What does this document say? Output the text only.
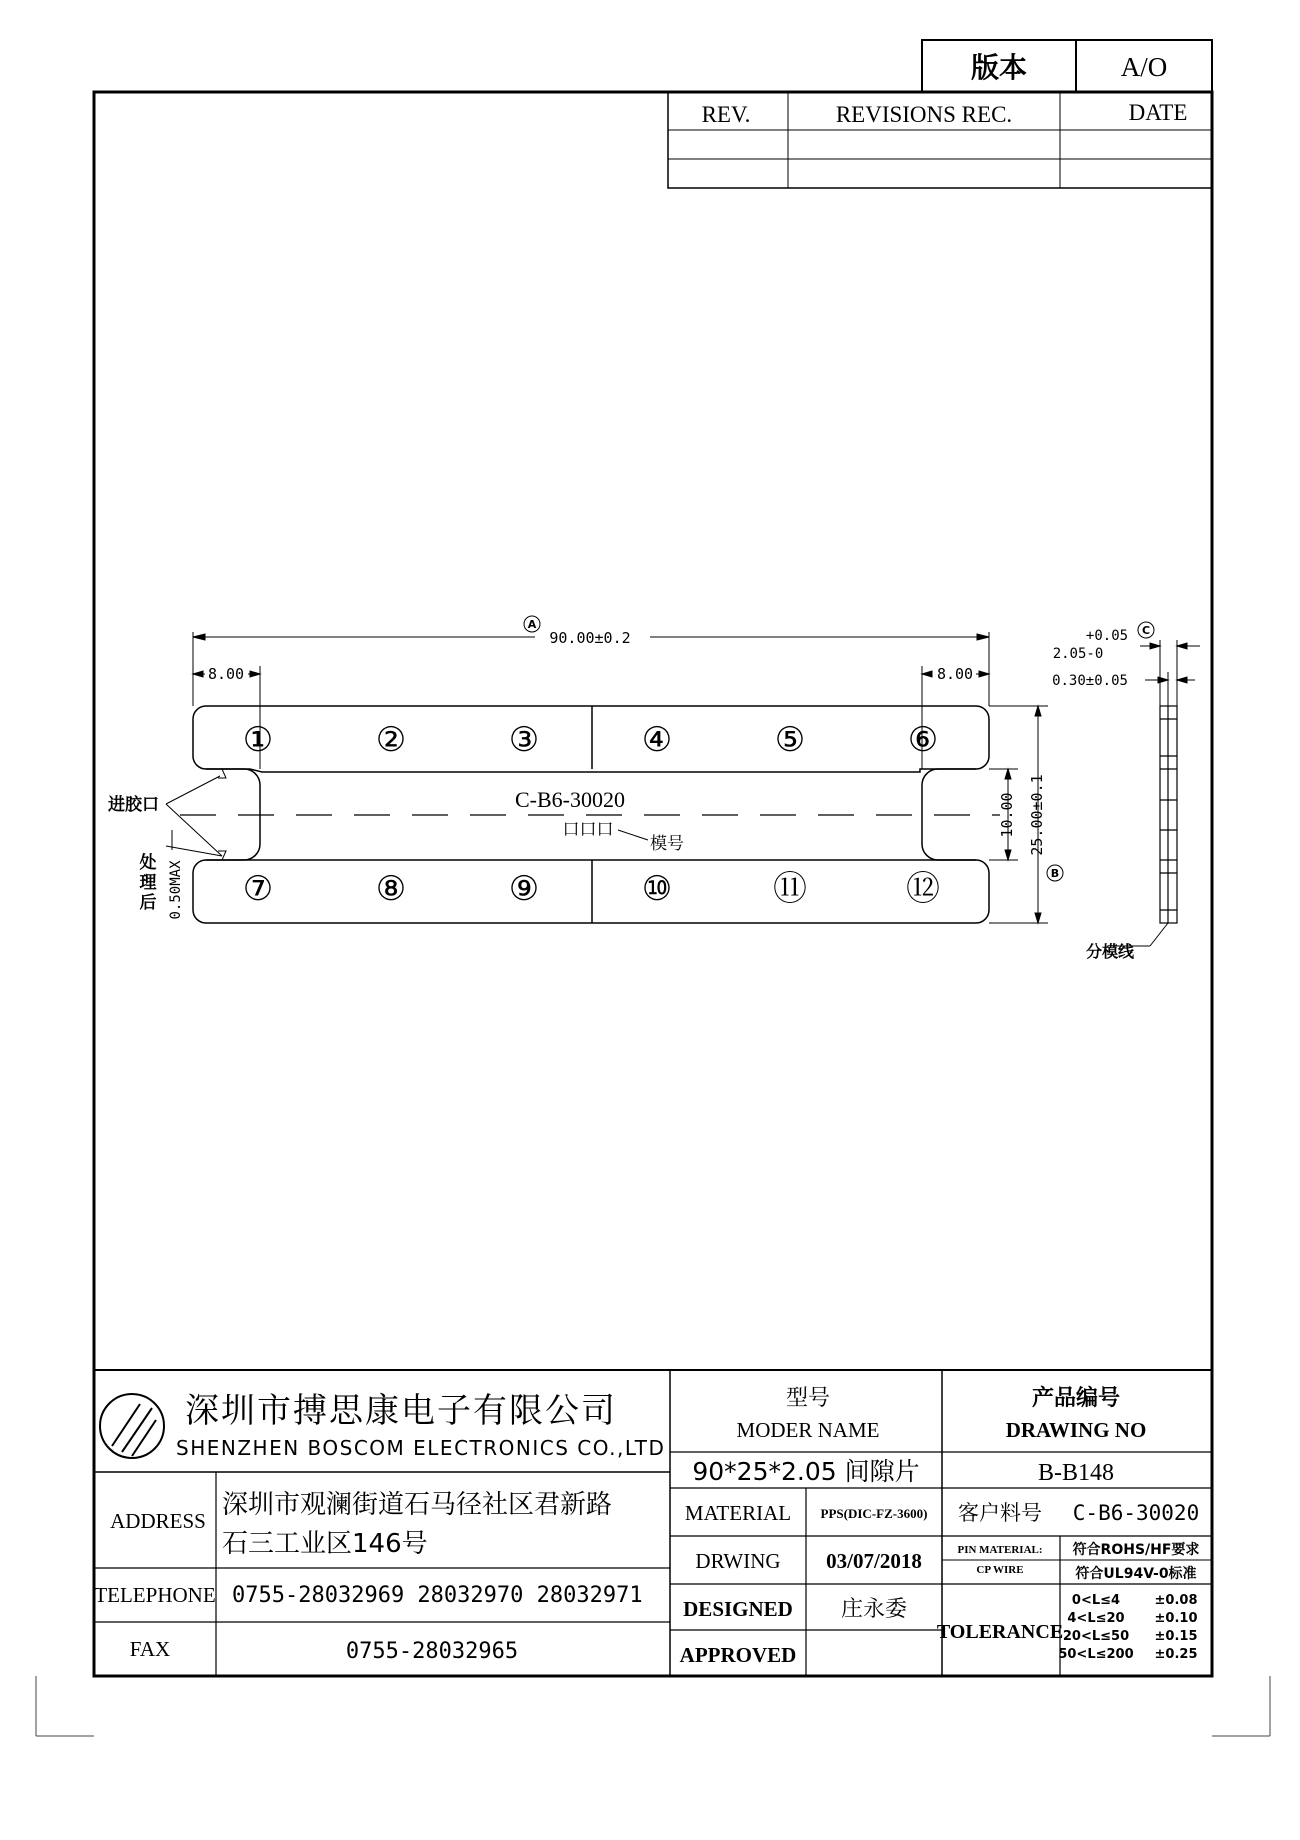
版本	A/O
REV.	REVISIONS REC.	DATE
①	②	③	④	⑤	⑥
⑦	⑧	⑨	⑩	⑪	⑫
C-B6-30020
口口口
模号
90.00±0.2
A
8.00	8.00
10.00 25.00±0.1
B
进胶口
处理后 0.50MAX
+0.05
2.05-0
0.30±0.05
C
分模线
深圳市搏思康电子有限公司
SHENZHEN BOSCOM ELECTRONICS CO.,LTD
型号
MODER NAME
产品编号
DRAWING NO
90*25*2.05 间隙片	B-B148
ADDRESS
深圳市观澜街道石马径社区君新路
石三工业区146号
TELEPHONE 0755-28032969 28032970 28032971
FAX	0755-28032965
MATERIAL PPS(DIC-FZ-3600) 客户料号 C-B6-30020
DRWING 03/07/2018	PIN MATERIAL:
CP WIRE
符合ROHS/HF要求
符合UL94V-0标准
DESIGNED 庄永委
APPROVED
TOLERANCE
0<L≤4	±0.08
4<L≤20 ±0.10
20<L≤50 ±0.15
50<L≤200 ±0.25
